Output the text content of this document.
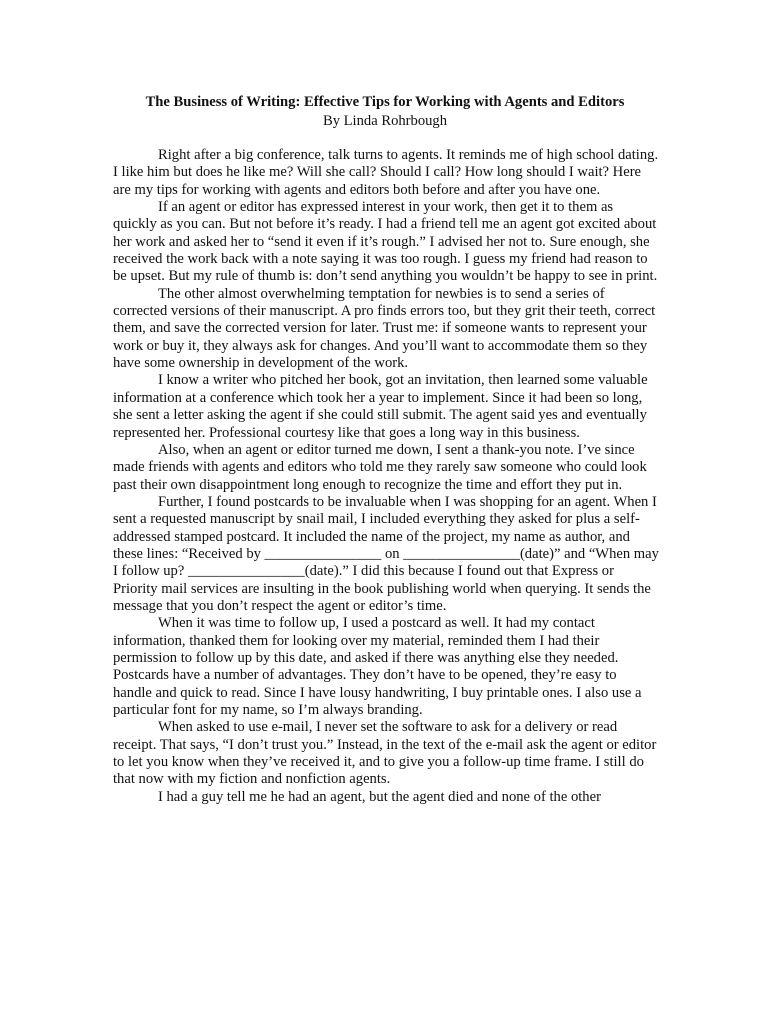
The Business of Writing: Effective Tips for Working with Agents and Editors
By Linda Rohrbough

Right after a big conference, talk turns to agents. It reminds me of high school dating. I like him but does he like me? Will she call? Should I call? How long should I wait? Here are my tips for working with agents and editors both before and after you have one.

If an agent or editor has expressed interest in your work, then get it to them as quickly as you can. But not before it’s ready. I had a friend tell me an agent got excited about her work and asked her to “send it even if it’s rough.” I advised her not to. Sure enough, she received the work back with a note saying it was too rough. I guess my friend had reason to be upset. But my rule of thumb is: don’t send anything you wouldn’t be happy to see in print.

The other almost overwhelming temptation for newbies is to send a series of corrected versions of their manuscript. A pro finds errors too, but they grit their teeth, correct them, and save the corrected version for later. Trust me: if someone wants to represent your work or buy it, they always ask for changes. And you’ll want to accommodate them so they have some ownership in development of the work.

I know a writer who pitched her book, got an invitation, then learned some valuable information at a conference which took her a year to implement. Since it had been so long, she sent a letter asking the agent if she could still submit. The agent said yes and eventually represented her. Professional courtesy like that goes a long way in this business.

Also, when an agent or editor turned me down, I sent a thank-you note. I’ve since made friends with agents and editors who told me they rarely saw someone who could look past their own disappointment long enough to recognize the time and effort they put in.

Further, I found postcards to be invaluable when I was shopping for an agent. When I sent a requested manuscript by snail mail, I included everything they asked for plus a self-addressed stamped postcard. It included the name of the project, my name as author, and these lines: “Received by ________________ on ________________(date)” and “When may I follow up? ________________(date).” I did this because I found out that Express or Priority mail services are insulting in the book publishing world when querying. It sends the message that you don’t respect the agent or editor’s time.

When it was time to follow up, I used a postcard as well. It had my contact information, thanked them for looking over my material, reminded them I had their permission to follow up by this date, and asked if there was anything else they needed. Postcards have a number of advantages. They don’t have to be opened, they’re easy to handle and quick to read. Since I have lousy handwriting, I buy printable ones. I also use a particular font for my name, so I’m always branding.

When asked to use e-mail, I never set the software to ask for a delivery or read receipt. That says, “I don’t trust you.” Instead, in the text of the e-mail ask the agent or editor to let you know when they’ve received it, and to give you a follow-up time frame. I still do that now with my fiction and nonfiction agents.

I had a guy tell me he had an agent, but the agent died and none of the other
